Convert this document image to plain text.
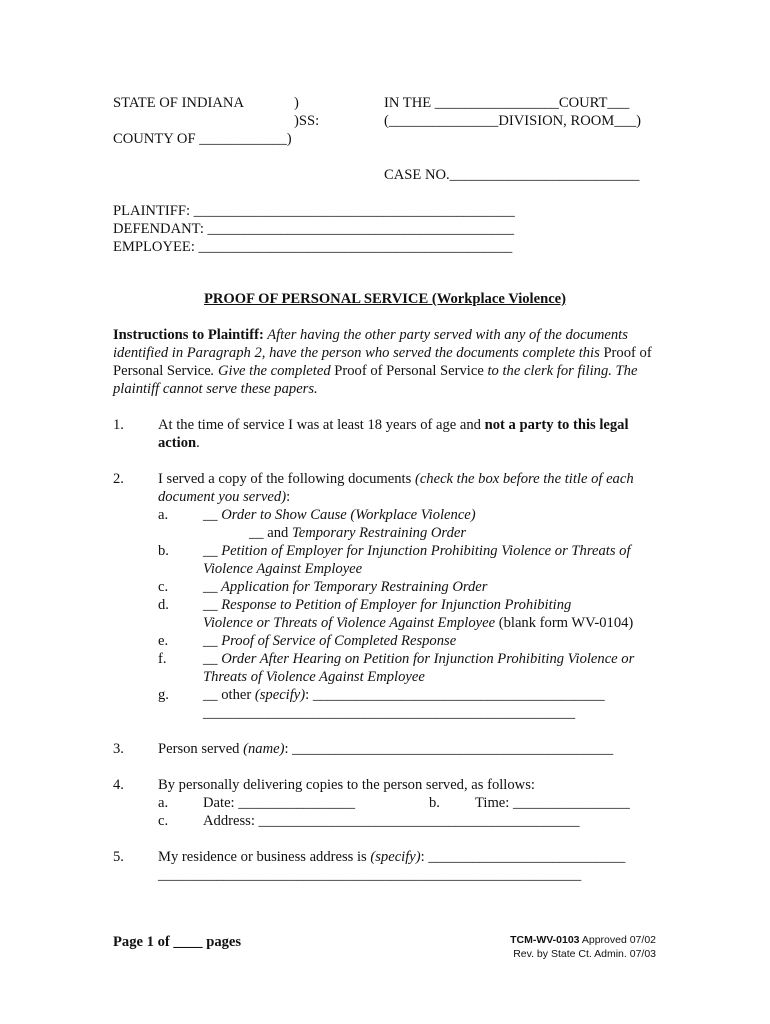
STATE OF INDIANA	)
)SS:
COUNTY OF ____________)
IN THE _________________COURT___
(_______________DIVISION, ROOM___)
CASE NO.__________________________
PLAINTIFF: ____________________________________________
DEFENDANT: __________________________________________
EMPLOYEE: ___________________________________________
PROOF OF PERSONAL SERVICE (Workplace Violence)
Instructions to Plaintiff: After having the other party served with any of the documents identified in Paragraph 2, have the person who served the documents complete this Proof of Personal Service. Give the completed Proof of Personal Service to the clerk for filing. The plaintiff cannot serve these papers.
1. At the time of service I was at least 18 years of age and not a party to this legal
action.
2. I served a copy of the following documents (check the box before the title of each
document you served):
a. __ Order to Show Cause (Workplace Violence)
__ and Temporary Restraining Order
b. __ Petition of Employer for Injunction Prohibiting Violence or Threats of
Violence Against Employee
c. __ Application for Temporary Restraining Order
d. __ Response to Petition of Employer for Injunction Prohibiting
Violence or Threats of Violence Against Employee (blank form WV-0104)
e. __ Proof of Service of Completed Response
f. __ Order After Hearing on Petition for Injunction Prohibiting Violence or
Threats of Violence Against Employee
g. __ other (specify): ________________________________________
___________________________________________________
3. Person served (name): ____________________________________________
4. By personally delivering copies to the person served, as follows:
a. Date: ________________	b. Time: ________________
c. Address: ____________________________________________
5. My residence or business address is (specify): ___________________________
__________________________________________________________
Page 1 of ____ pages	TCM-WV-0103 Approved 07/02
Rev. by State Ct. Admin. 07/03
